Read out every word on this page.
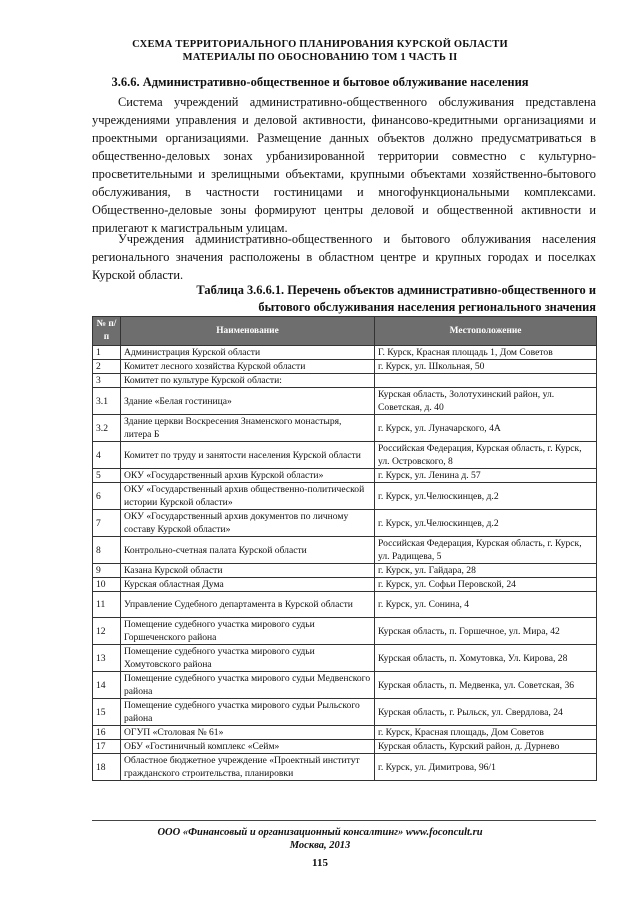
СХЕМА ТЕРРИТОРИАЛЬНОГО ПЛАНИРОВАНИЯ КУРСКОЙ ОБЛАСТИ
МАТЕРИАЛЫ ПО ОБОСНОВАНИЮ ТОМ 1 ЧАСТЬ II
3.6.6. Административно-общественное и бытовое облуживание населения

Система учреждений административно-общественного обслуживания представлена учреждениями управления и деловой активности, финансово-кредитными организациями и проектными организациями. Размещение данных объектов должно предусматриваться в общественно-деловых зонах урбанизированной территории совместно с культурно-просветительными и зрелищными объектами, крупными объектами хозяйственно-бытового обслуживания, в частности гостиницами и многофункциональными комплексами. Общественно-деловые зоны формируют центры деловой и общественной активности и прилегают к магистральным улицам.

Учреждения административно-общественного и бытового облуживания населения регионального значения расположены в областном центре и крупных городах и поселках Курской области.

Таблица 3.6.6.1. Перечень объектов административно-общественного и
бытового обслуживания населения регионального значения
№ п/п	Наименование	Местоположение
1	Администрация Курской области	Г. Курск, Красная площадь 1, Дом Советов
2	Комитет лесного хозяйства Курской области	г. Курск, ул. Школьная, 50
3	Комитет по культуре Курской области:	
3.1	Здание «Белая гостиница»	Курская область, Золотухинский район, ул. Советская, д. 40
3.2	Здание церкви Воскресения Знаменского монастыря, литера Б	г. Курск, ул. Луначарского, 4А
4	Комитет по труду и занятости населения Курской области	Российская Федерация, Курская область, г. Курск, ул. Островского, 8
5	ОКУ «Государственный архив Курской области»	г. Курск, ул. Ленина д. 57
6	ОКУ «Государственный архив общественно-политической истории Курской области»	г. Курск, ул.Челюскинцев, д.2
7	ОКУ «Государственный архив документов по личному составу Курской области»	г. Курск, ул.Челюскинцев, д.2
8	Контрольно-счетная палата Курской области	Российская Федерация, Курская область, г. Курск, ул. Радищева, 5
9	Казана Курской области	г. Курск, ул. Гайдара, 28
10	Курская областная Дума	г. Курск, ул. Софьи Перовской, 24
11	Управление Судебного департамента в Курской области	г. Курск, ул. Сонина, 4
12	Помещение судебного участка мирового судьи Горшеченского района	Курская область, п. Горшечное, ул. Мира, 42
13	Помещение судебного участка мирового судьи Хомутовского района	Курская область, п. Хомутовка, Ул. Кирова, 28
14	Помещение судебного участка мирового судьи Медвенского района	Курская область, п. Медвенка, ул. Советская, 36
15	Помещение судебного участка мирового судьи Рыльского района	Курская область, г. Рыльск, ул. Свердлова, 24
16	ОГУП «Столовая № 61»	г. Курск, Красная площадь, Дом Советов
17	ОБУ «Гостиничный комплекс «Сейм»	Курская область, Курский район, д. Дурнево
18	Областное бюджетное учреждение «Проектный институт гражданского строительства, планировки	г. Курск, ул. Димитрова, 96/1
ООО «Финансовый и организационный консалтинг» www.foconcult.ru
Москва, 2013
115
